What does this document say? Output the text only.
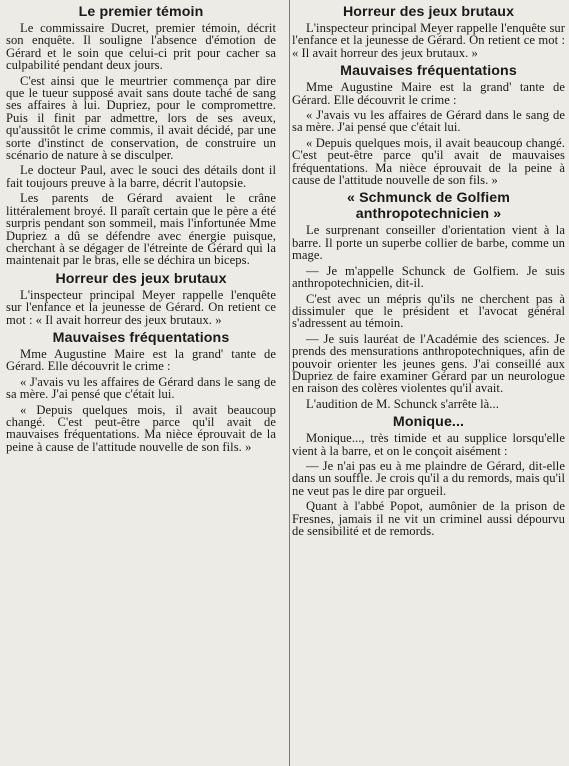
Le premier témoin

Le commissaire Ducret, premier témoin, décrit son enquête. Il souligne l'absence d'émotion de Gérard et le soin que celui-ci prit pour cacher sa culpabilité pendant deux jours.

C'est ainsi que le meurtrier commença par dire que le tueur supposé avait sans doute taché de sang ses affaires à lui. Dupriez, pour le compromettre. Puis il finit par admettre, lors de ses aveux, qu'aussitôt le crime commis, il avait décidé, par une sorte d'instinct de conservation, de construire un scénario de nature à se disculper.

Le docteur Paul, avec le souci des détails dont il fait toujours preuve à la barre, décrit l'autopsie.

Les parents de Gérard avaient le crâne littéralement broyé. Il paraît certain que le père a été surpris pendant son sommeil, mais l'infortunée Mme Dupriez a dû se défendre avec énergie puisque, cherchant à se dégager de l'étreinte de Gérard qui la maintenait par le bras, elle se déchira un biceps.

Horreur des jeux brutaux

L'inspecteur principal Meyer rappelle l'enquête sur l'enfance et la jeunesse de Gérard. On retient ce mot : « Il avait horreur des jeux brutaux. »

Mauvaises fréquentations

Mme Augustine Maire est la grand' tante de Gérard. Elle découvrit le crime :

« J'avais vu les affaires de Gérard dans le sang de sa mère. J'ai pensé que c'était lui.

« Depuis quelques mois, il avait beaucoup changé. C'est peut-être parce qu'il avait de mauvaises fréquentations. Ma nièce éprouvait de la peine à cause de l'attitude nouvelle de son fils. »

Horreur des jeux brutaux

L'inspecteur principal Meyer rappelle l'enquête sur l'enfance et la jeunesse de Gérard. On retient ce mot : « Il avait horreur des jeux brutaux. »

Mauvaises fréquentations

Mme Augustine Maire est la grand' tante de Gérard. Elle découvrit le crime :

« J'avais vu les affaires de Gérard dans le sang de sa mère. J'ai pensé que c'était lui.

« Depuis quelques mois, il avait beaucoup changé. C'est peut-être parce qu'il avait de mauvaises fréquentations. Ma nièce éprouvait de la peine à cause de l'attitude nouvelle de son fils. »

« Schmunck de Golfiem
anthropotechnicien »

Le surprenant conseiller d'orientation vient à la barre. Il porte un superbe collier de barbe, comme un mage.

— Je m'appelle Schunck de Golfiem. Je suis anthropotechnicien, dit-il.

C'est avec un mépris qu'ils ne cherchent pas à dissimuler que le président et l'avocat général s'adressent au témoin.

— Je suis lauréat de l'Académie des sciences. Je prends des mensurations anthropotechniques, afin de pouvoir orienter les jeunes gens. J'ai conseillé aux Dupriez de faire examiner Gérard par un neurologue en raison des colères violentes qu'il avait.

L'audition de M. Schunck s'arrête là...

Monique...

Monique..., très timide et au supplice lorsqu'elle vient à la barre, et on le conçoit aisément :

— Je n'ai pas eu à me plaindre de Gérard, dit-elle dans un souffle. Je crois qu'il a du remords, mais qu'il ne veut pas le dire par orgueil.

Quant à l'abbé Popot, aumônier de la prison de Fresnes, jamais il ne vit un criminel aussi dépourvu de sensibilité et de remords.
